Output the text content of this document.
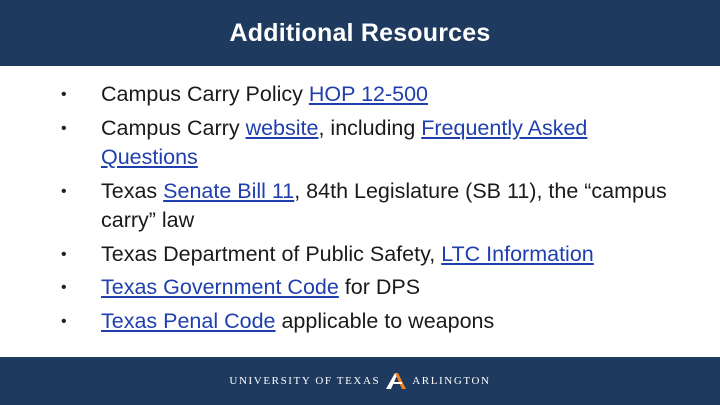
Additional Resources
• Campus Carry Policy HOP 12-500
• Campus Carry website, including Frequently Asked Questions
• Texas Senate Bill 11, 84th Legislature (SB 11), the “campus carry” law
• Texas Department of Public Safety, LTC Information
• Texas Government Code for DPS
• Texas Penal Code applicable to weapons
UNIVERSITY OF TEXAS	ARLINGTON
